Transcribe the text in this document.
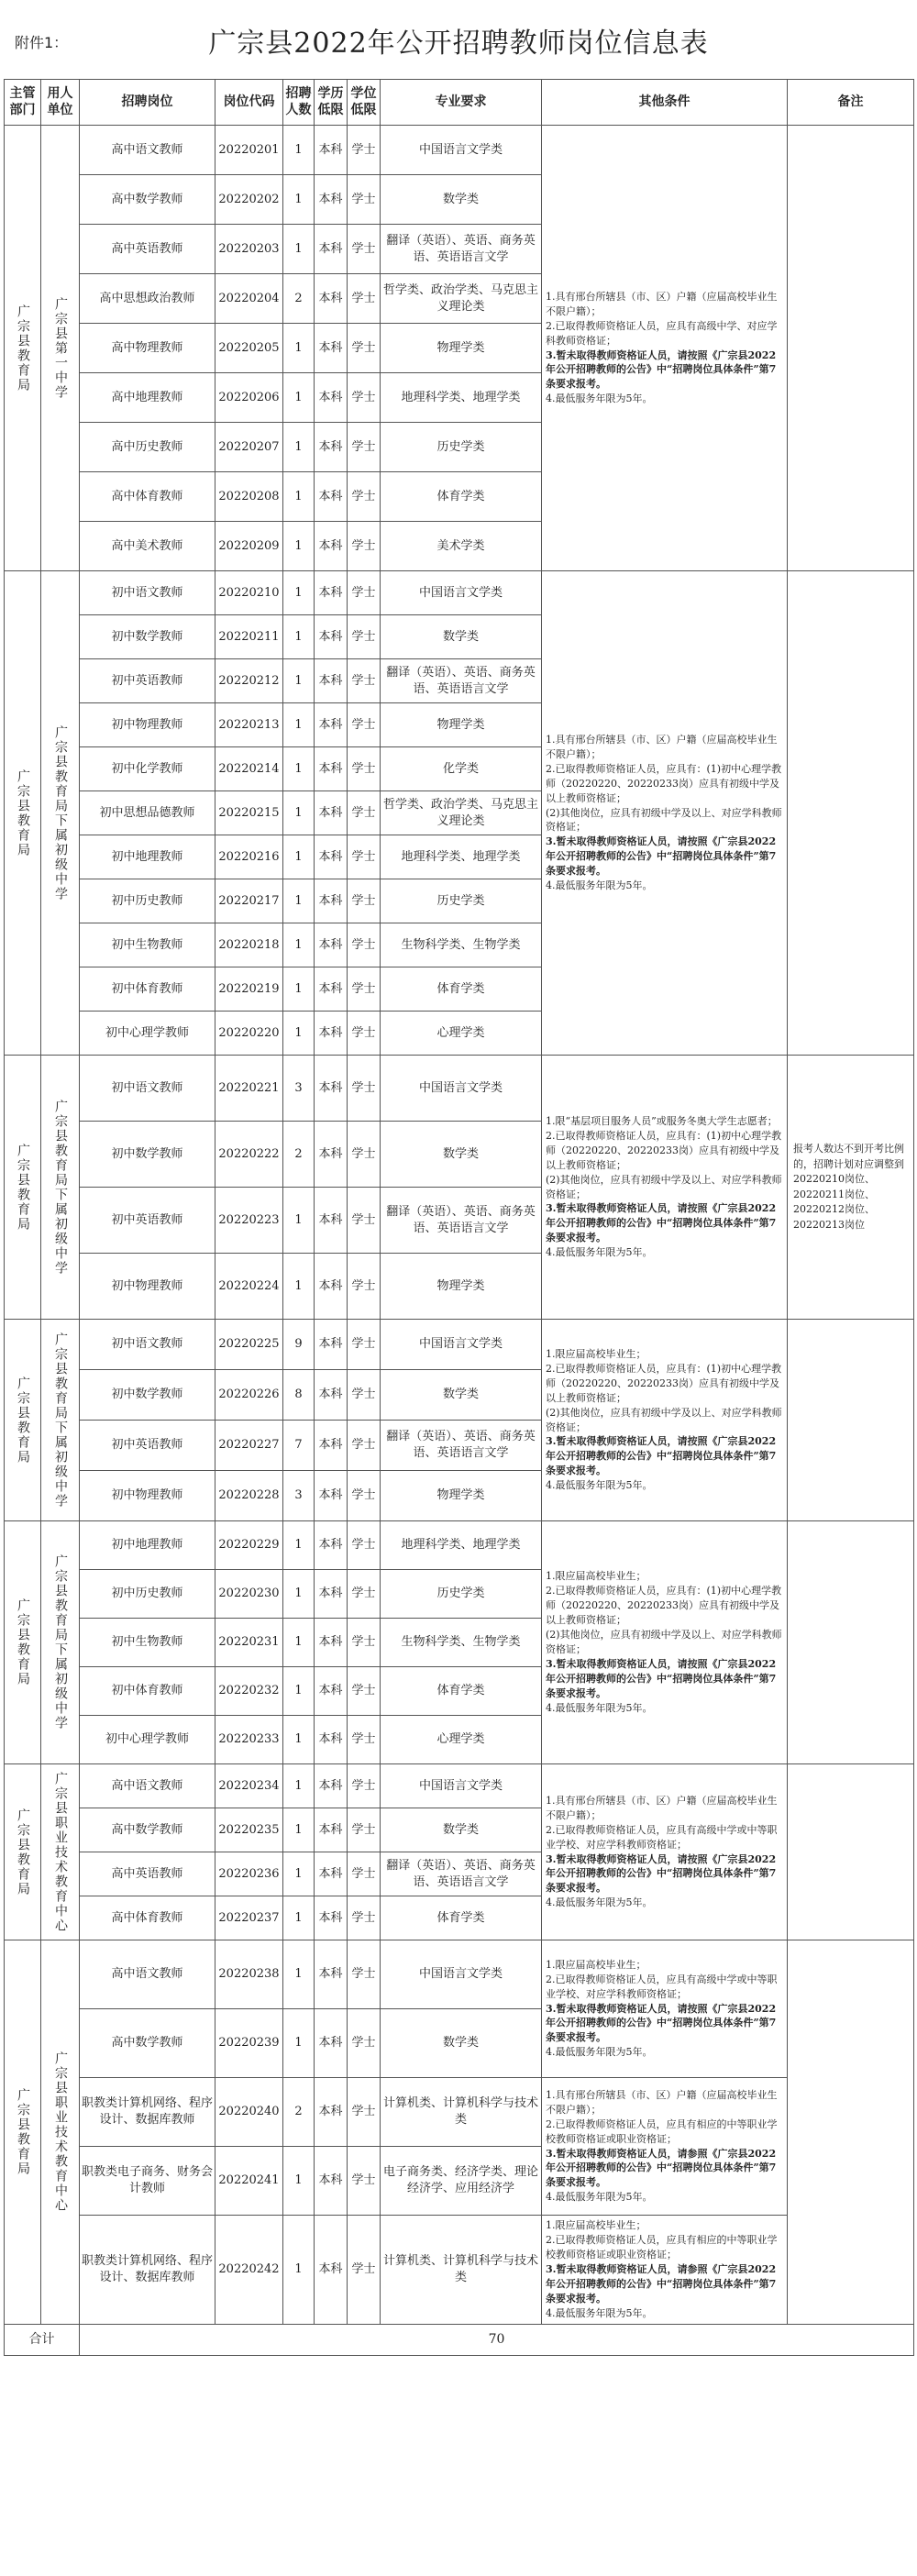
附件1：	广宗县2022年公开招聘教师岗位信息表
主管部门	用人单位	招聘岗位	岗位代码	招聘人数	学历低限	学位低限	专业要求	其他条件	备注

广宗县教育局	广宗县第一中学	高中语文教师	20220201	1	本科	学士	中国语言文学类	1.具有邢台所辖县（市、区）户籍（应届高校毕业生不限户籍）；
2.已取得教师资格证人员，应具有高级中学、对应学科教师资格证；
3.暂未取得教师资格证人员，请按照《广宗县2022年公开招聘教师的公告》中“招聘岗位具体条件”第7条要求报考。
4.最低服务年限为5年。	

		高中数学教师	20220202	1	本科	学士	数学类		
		高中英语教师	20220203	1	本科	学士	翻译（英语）、英语、商务英语、英语语言文学		
		高中思想政治教师	20220204	2	本科	学士	哲学类、政治学类、马克思主义理论类		
		高中物理教师	20220205	1	本科	学士	物理学类		
		高中地理教师	20220206	1	本科	学士	地理科学类、地理学类		
		高中历史教师	20220207	1	本科	学士	历史学类		
		高中体育教师	20220208	1	本科	学士	体育学类		
		高中美术教师	20220209	1	本科	学士	美术学类		

广宗县教育局	广宗县教育局下属初级中学	初中语文教师	20220210	1	本科	学士	中国语言文学类	1.具有邢台所辖县（市、区）户籍（应届高校毕业生不限户籍）；
2.已取得教师资格证人员，应具有：(1)初中心理学教师（20220220、20220233岗）应具有初级中学及以上教师资格证；
(2)其他岗位，应具有初级中学及以上、对应学科教师资格证；
3.暂未取得教师资格证人员，请按照《广宗县2022年公开招聘教师的公告》中“招聘岗位具体条件”第7条要求报考。
4.最低服务年限为5年。	

		初中数学教师	20220211	1	本科	学士	数学类		
		初中英语教师	20220212	1	本科	学士	翻译（英语）、英语、商务英语、英语语言文学		
		初中物理教师	20220213	1	本科	学士	物理学类		
		初中化学教师	20220214	1	本科	学士	化学类		
		初中思想品德教师	20220215	1	本科	学士	哲学类、政治学类、马克思主义理论类		
		初中地理教师	20220216	1	本科	学士	地理科学类、地理学类		
		初中历史教师	20220217	1	本科	学士	历史学类		
		初中生物教师	20220218	1	本科	学士	生物科学类、生物学类		
		初中体育教师	20220219	1	本科	学士	体育学类		
		初中心理学教师	20220220	1	本科	学士	心理学类		

广宗县教育局	广宗县教育局下属初级中学	初中语文教师	20220221	3	本科	学士	中国语言文学类	1.限“基层项目服务人员”或服务冬奥大学生志愿者；
2.已取得教师资格证人员，应具有：(1)初中心理学教师（20220220、20220233岗）应具有初级中学及以上教师资格证；
(2)其他岗位，应具有初级中学及以上、对应学科教师资格证；
3.暂未取得教师资格证人员，请按照《广宗县2022年公开招聘教师的公告》中“招聘岗位具体条件”第7条要求报考。
4.最低服务年限为5年。	报考人数达不到开考比例的，招聘计划对应调整到20220210岗位、20220211岗位、20220212岗位、20220213岗位
		初中数学教师	20220222	2	本科	学士	数学类		
		初中英语教师	20220223	1	本科	学士	翻译（英语）、英语、商务英语、英语语言文学		
		初中物理教师	20220224	1	本科	学士	物理学类		

广宗县教育局	广宗县教育局下属初级中学	初中语文教师	20220225	9	本科	学士	中国语言文学类	1.限应届高校毕业生；
2.已取得教师资格证人员，应具有：(1)初中心理学教师（20220220、20220233岗）应具有初级中学及以上教师资格证；
(2)其他岗位，应具有初级中学及以上、对应学科教师资格证；
3.暂未取得教师资格证人员，请按照《广宗县2022年公开招聘教师的公告》中“招聘岗位具体条件”第7条要求报考。
4.最低服务年限为5年。	

		初中数学教师	20220226	8	本科	学士	数学类		
		初中英语教师	20220227	7	本科	学士	翻译（英语）、英语、商务英语、英语语言文学		
		初中物理教师	20220228	3	本科	学士	物理学类		

广宗县教育局	广宗县教育局下属初级中学	初中地理教师	20220229	1	本科	学士	地理科学类、地理学类	1.限应届高校毕业生；
2.已取得教师资格证人员，应具有：(1)初中心理学教师（20220220、20220233岗）应具有初级中学及以上教师资格证；
(2)其他岗位，应具有初级中学及以上、对应学科教师资格证；
3.暂未取得教师资格证人员，请按照《广宗县2022年公开招聘教师的公告》中“招聘岗位具体条件”第7条要求报考。
4.最低服务年限为5年。	

		初中历史教师	20220230	1	本科	学士	历史学类		
		初中生物教师	20220231	1	本科	学士	生物科学类、生物学类		
		初中体育教师	20220232	1	本科	学士	体育学类		
		初中心理学教师	20220233	1	本科	学士	心理学类		

广宗县教育局	广宗县职业技术教育中心	高中语文教师	20220234	1	本科	学士	中国语言文学类	1.具有邢台所辖县（市、区）户籍（应届高校毕业生不限户籍）；
2.已取得教师资格证人员，应具有高级中学或中等职业学校、对应学科教师资格证；
3.暂未取得教师资格证人员，请按照《广宗县2022年公开招聘教师的公告》中“招聘岗位具体条件”第7条要求报考。
4.最低服务年限为5年。	

		高中数学教师	20220235	1	本科	学士	数学类		
		高中英语教师	20220236	1	本科	学士	翻译（英语）、英语、商务英语、英语语言文学		
		高中体育教师	20220237	1	本科	学士	体育学类		

广宗县教育局	广宗县职业技术教育中心	高中语文教师	20220238	1	本科	学士	中国语言文学类	1.限应届高校毕业生；
2.已取得教师资格证人员，应具有高级中学或中等职业学校、对应学科教师资格证；
3.暂未取得教师资格证人员，请按照《广宗县2022年公开招聘教师的公告》中“招聘岗位具体条件”第7条要求报考。
4.最低服务年限为5年。	

		高中数学教师	20220239	1	本科	学士	数学类		
		职教类计算机网络、程序设计、数据库教师	20220240	2	本科	学士	计算机类、计算机科学与技术类	1.具有邢台所辖县（市、区）户籍（应届高校毕业生不限户籍）；
2.已取得教师资格证人员，应具有相应的中等职业学校教师资格证或职业资格证；
3.暂未取得教师资格证人员，请参照《广宗县2022年公开招聘教师的公告》中“招聘岗位具体条件”第7条要求报考。
4.最低服务年限为5年。	

		职教类电子商务、财务会计教师	20220241	1	本科	学士	电子商务类、经济学类、理论经济学、应用经济学		
		职教类计算机网络、程序设计、数据库教师	20220242	1	本科	学士	计算机类、计算机科学与技术类	1.限应届高校毕业生；
2.已取得教师资格证人员，应具有相应的中等职业学校教师资格证或职业资格证；
3.暂未取得教师资格证人员，请参照《广宗县2022年公开招聘教师的公告》中“招聘岗位具体条件”第7条要求报考。
4.最低服务年限为5年。	

合计		70							
